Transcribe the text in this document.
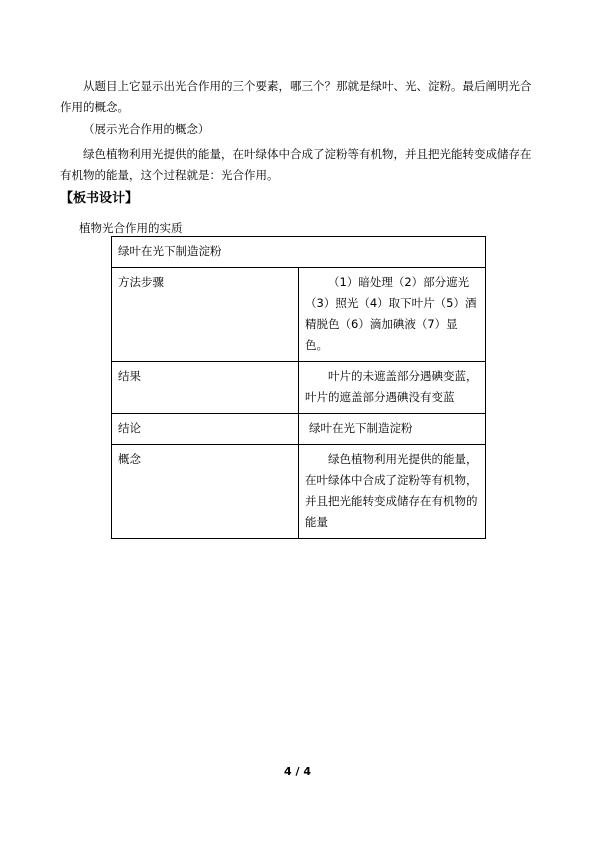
从题目上它显示出光合作用的三个要素，哪三个？那就是绿叶、光、淀粉。最后阐明光合作用的概念。

（展示光合作用的概念）

绿色植物利用光提供的能量，在叶绿体中合成了淀粉等有机物，并且把光能转变成储存在有机物的能量，这个过程就是：光合作用。

【板书设计】

植物光合作用的实质

绿叶在光下制造淀粉	
方法步骤	（1）暗处理（2）部分遮光（3）照光（4）取下叶片（5）酒精脱色（6）滴加碘液（7）显色。
结果	叶片的未遮盖部分遇碘变蓝，叶片的遮盖部分遇碘没有变蓝
结论	绿叶在光下制造淀粉
概念	绿色植物利用光提供的能量，在叶绿体中合成了淀粉等有机物，并且把光能转变成储存在有机物的能量

4 / 4
